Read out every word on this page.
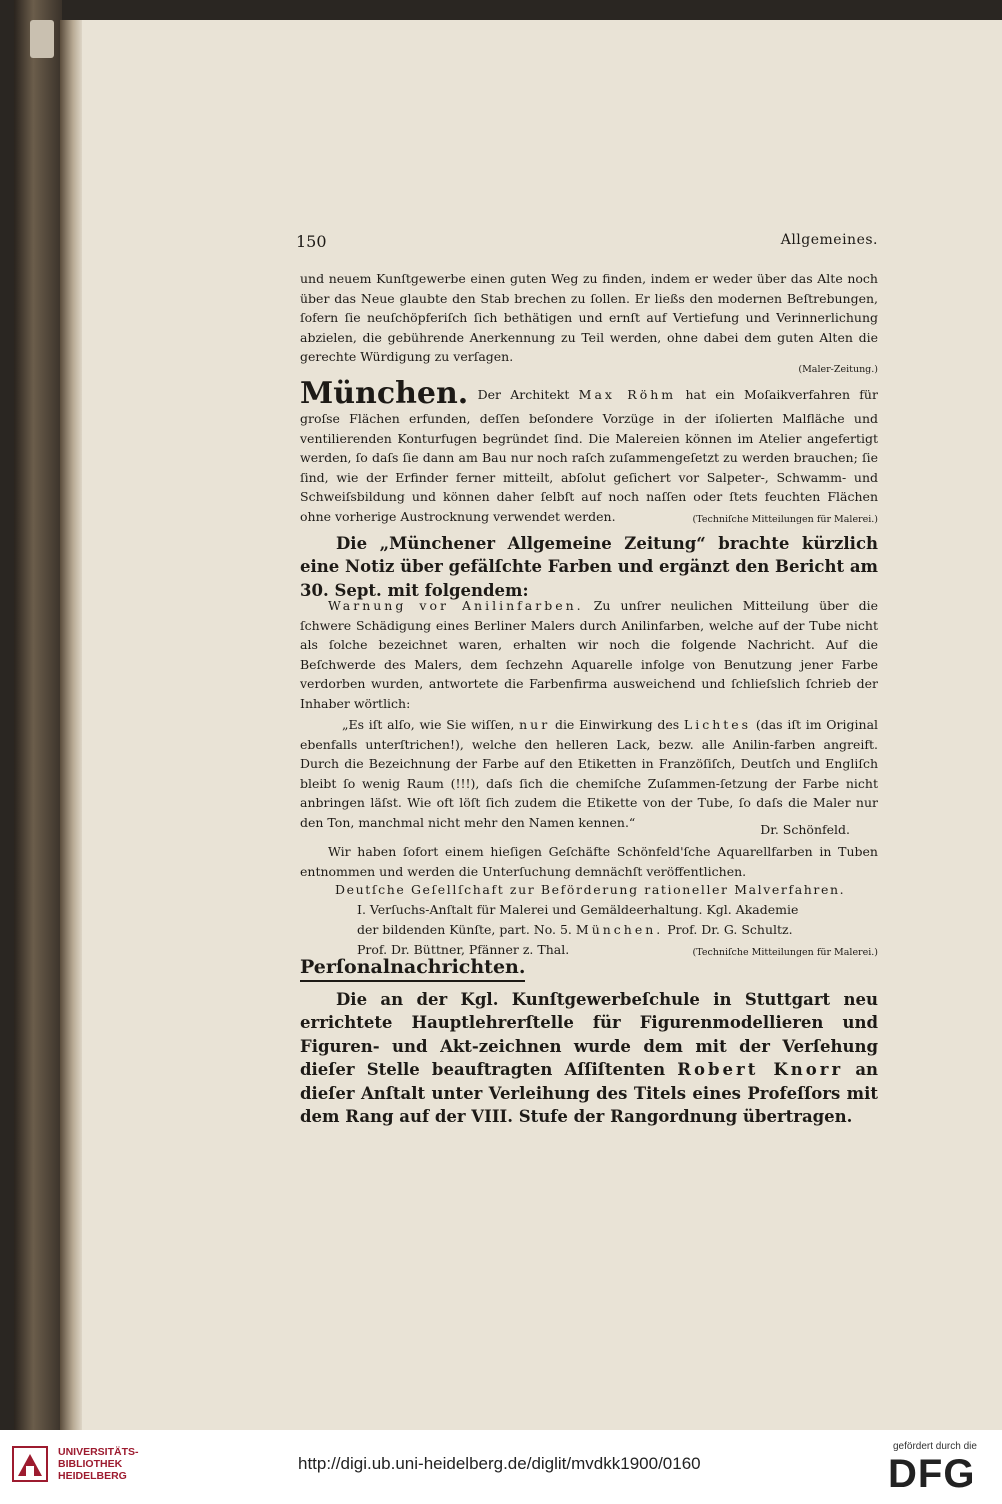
150	Allgemeines.

und neuem Kunſtgewerbe einen guten Weg zu finden, indem er weder über das Alte noch über das Neue glaubte den Stab brechen zu ſollen. Er ließs den modernen Beſtrebungen, ſofern ſie neuſchöpferiſch ſich bethätigen und ernſt auf Vertiefung und Verinnerlichung abzielen, die gebührende Anerkennung zu Teil werden, ohne dabei dem guten Alten die gerechte Würdigung zu verſagen.

(Maler-Zeitung.)

München. Der Architekt Max Röhm hat ein Moſaikverfahren für groſse Flächen erfunden, deſſen beſondere Vorzüge in der iſolierten Malfläche und ventilierenden Konturfugen begründet ſind. Die Malereien können im Atelier angefertigt werden, ſo daſs ſie dann am Bau nur noch raſch zuſammengeſetzt zu werden brauchen; ſie ſind, wie der Erfinder ferner mitteilt, abſolut geſichert vor Salpeter-, Schwamm- und Schweiſsbildung und können daher ſelbſt auf noch naſſen oder ſtets feuchten Flächen ohne vorherige Austrocknung verwendet werden.	(Techniſche Mitteilungen für Malerei.)

Die „Münchener Allgemeine Zeitung“ brachte kürzlich eine Notiz über gefälſchte Farben und ergänzt den Bericht am 30. Sept. mit folgendem:

Warnung vor Anilinfarben. Zu unſrer neulichen Mitteilung über die ſchwere Schädigung eines Berliner Malers durch Anilinfarben, welche auf der Tube nicht als ſolche bezeichnet waren, erhalten wir noch die folgende Nachricht. Auf die Beſchwerde des Malers, dem ſechzehn Aquarelle infolge von Benutzung jener Farbe verdorben wurden, antwortete die Farbenfirma ausweichend und ſchlieſslich ſchrieb der Inhaber wörtlich:

„Es iſt alſo, wie Sie wiſſen, nur die Einwirkung des Lichtes (das iſt im Original ebenfalls unterſtrichen!), welche den helleren Lack, bezw. alle Anilin-farben angreift. Durch die Bezeichnung der Farbe auf den Etiketten in Franzöſiſch, Deutſch und Engliſch bleibt ſo wenig Raum (!!!), daſs ſich die chemiſche Zuſammen-ſetzung der Farbe nicht anbringen läſst. Wie oft löſt ſich zudem die Etikette von der Tube, ſo daſs die Maler nur den Ton, manchmal nicht mehr den Namen kennen.“	Dr. Schönfeld.

Wir haben ſofort einem hieſigen Geſchäfte Schönfeld'ſche Aquarellfarben in Tuben entnommen und werden die Unterſuchung demnächſt veröffentlichen.

Deutſche Geſellſchaft zur Beförderung rationeller Malverfahren.
I. Verſuchs-Anſtalt für Malerei und Gemäldeerhaltung. Kgl. Akademie
der bildenden Künſte, part. No. 5. München. Prof. Dr. G. Schultz.
Prof. Dr. Büttner, Pfänner z. Thal.	(Techniſche Mitteilungen für Malerei.)
Perſonalnachrichten.

Die an der Kgl. Kunſtgewerbeſchule in Stuttgart neu errichtete Hauptlehrerſtelle für Figurenmodellieren und Figuren- und Akt-zeichnen wurde dem mit der Verſehung dieſer Stelle beauftragten Aſſiſtenten Robert Knorr an dieſer Anſtalt unter Verleihung des Titels eines Profeſſors mit dem Rang auf der VIII. Stufe der Rangordnung übertragen.

UNIVERSITÄTS-
BIBLIOTHEK
HEIDELBERG
http://digi.ub.uni-heidelberg.de/diglit/mvdkk1900/0160
gefördert durch die
DFG
